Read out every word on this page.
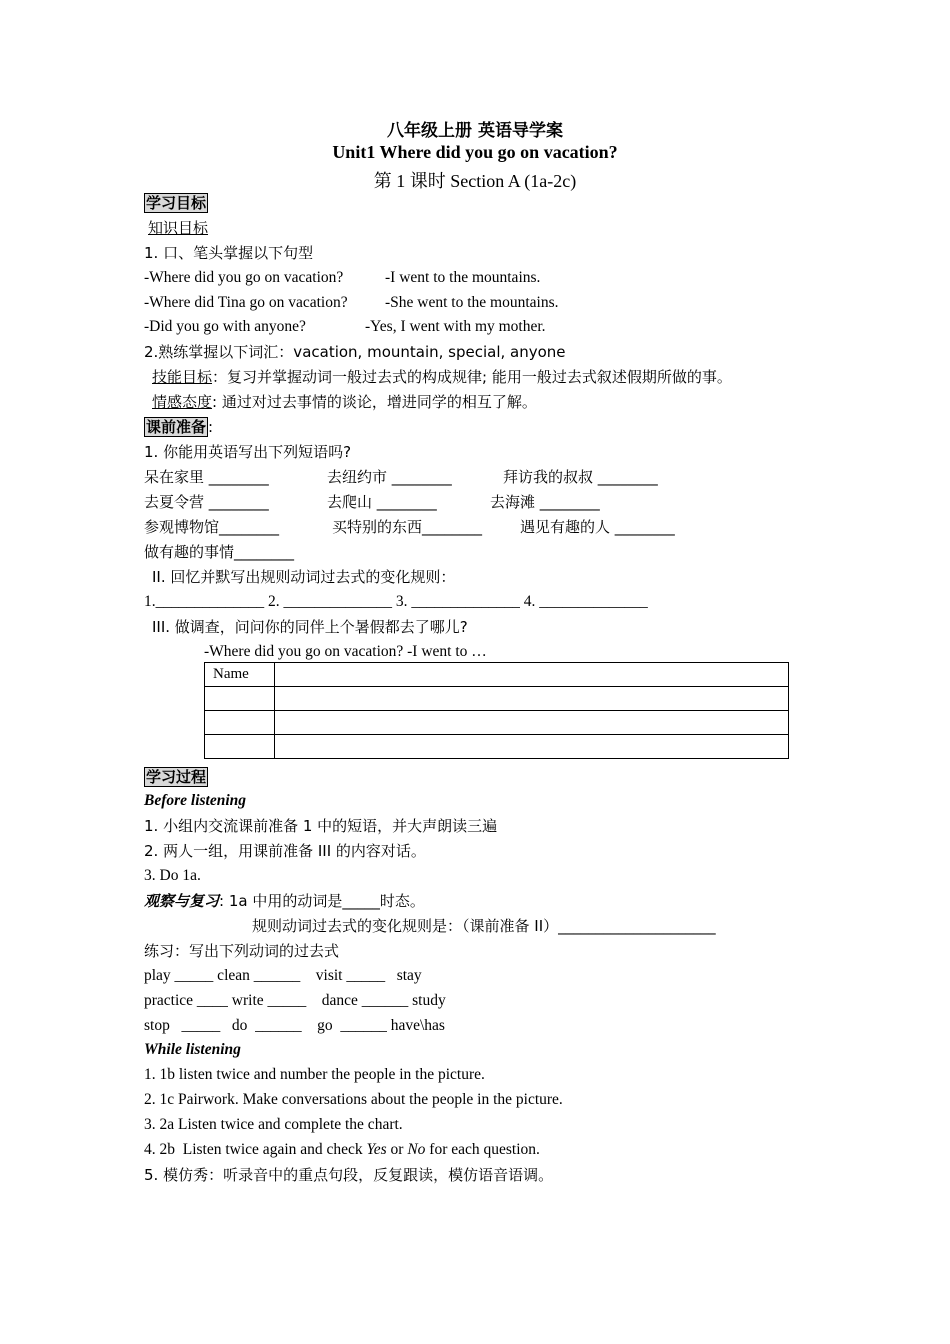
八年级上册 英语导学案
Unit1 Where did you go on vacation?
第 1 课时 Section A (1a-2c)
学习目标
知识目标
1. 口、笔头掌握以下句型
-Where did you go on vacation?	-I went to the mountains.
-Where did Tina go on vacation? -She went to the mountains.
-Did you go with anyone?	-Yes, I went with my mother.
2.熟练掌握以下词汇：vacation, mountain, special, anyone
技能目标：复习并掌握动词一般过去式的构成规律; 能用一般过去式叙述假期所做的事。
情感态度: 通过对过去事情的谈论，增进同学的相互了解。
课前准备 :
1. 你能用英语写出下列短语吗?
呆在家里 ________	去纽约市 ________	拜访我的叔叔 ________
去夏令营 ________	去爬山 ________	去海滩 ________
参观博物馆________	买特别的东西________	遇见有趣的人 ________
做有趣的事情________
II. 回忆并默写出规则动词过去式的变化规则：
1.______________ 2. ______________ 3. ______________ 4. ______________
III. 做调查，问问你的同伴上个暑假都去了哪儿?
-Where did you go on vacation? -I went to …
Name	

学习过程
Before listening
1. 小组内交流课前准备 1 中的短语，并大声朗读三遍
2. 两人一组，用课前准备 III 的内容对话。
3. Do 1a.
观察与复习: 1a 中用的动词是_____时态。
规则动词过去式的变化规则是：（课前准备 II）_____________________
练习：写出下列动词的过去式
play _____ clean ______    visit _____   stay
practice ____ write _____    dance ______ study
stop   _____   do  ______    go  ______ have\has
While listening
1. 1b listen twice and number the people in the picture.
2. 1c Pairwork. Make conversations about the people in the picture.
3. 2a Listen twice and complete the chart.
4. 2b  Listen twice again and check Yes or No for each question.
5. 模仿秀：听录音中的重点句段，反复跟读，模仿语音语调。
